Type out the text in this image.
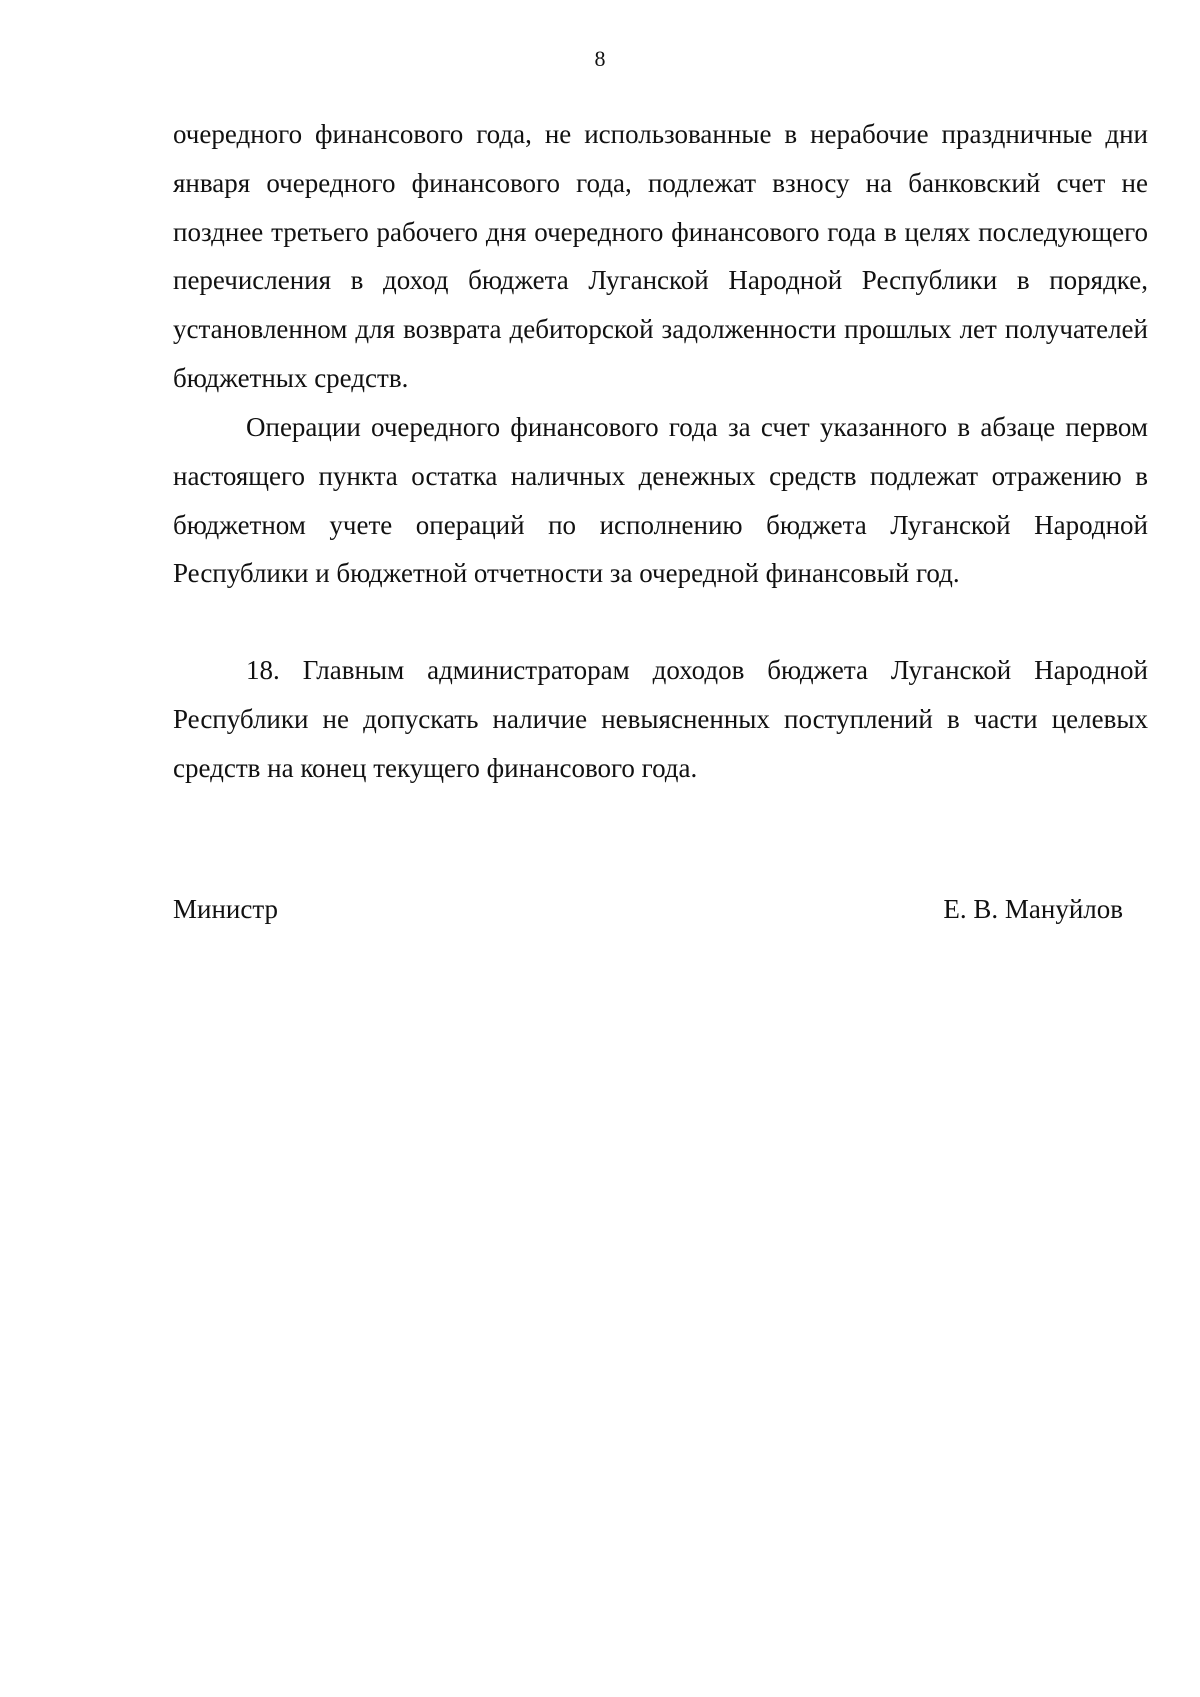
8

очередного финансового года, не использованные в нерабочие праздничные дни января очередного финансового года, подлежат взносу на банковский счет не позднее третьего рабочего дня очередного финансового года в целях последующего перечисления в доход бюджета Луганской Народной Республики в порядке, установленном для возврата дебиторской задолженности прошлых лет получателей бюджетных средств.

Операции очередного финансового года за счет указанного в абзаце первом настоящего пункта остатка наличных денежных средств подлежат отражению в бюджетном учете операций по исполнению бюджета Луганской Народной Республики и бюджетной отчетности за очередной финансовый год.

18. Главным администраторам доходов бюджета Луганской Народной Республики не допускать наличие невыясненных поступлений в части целевых средств на конец текущего финансового года.

Министр	Е. В. Мануйлов
